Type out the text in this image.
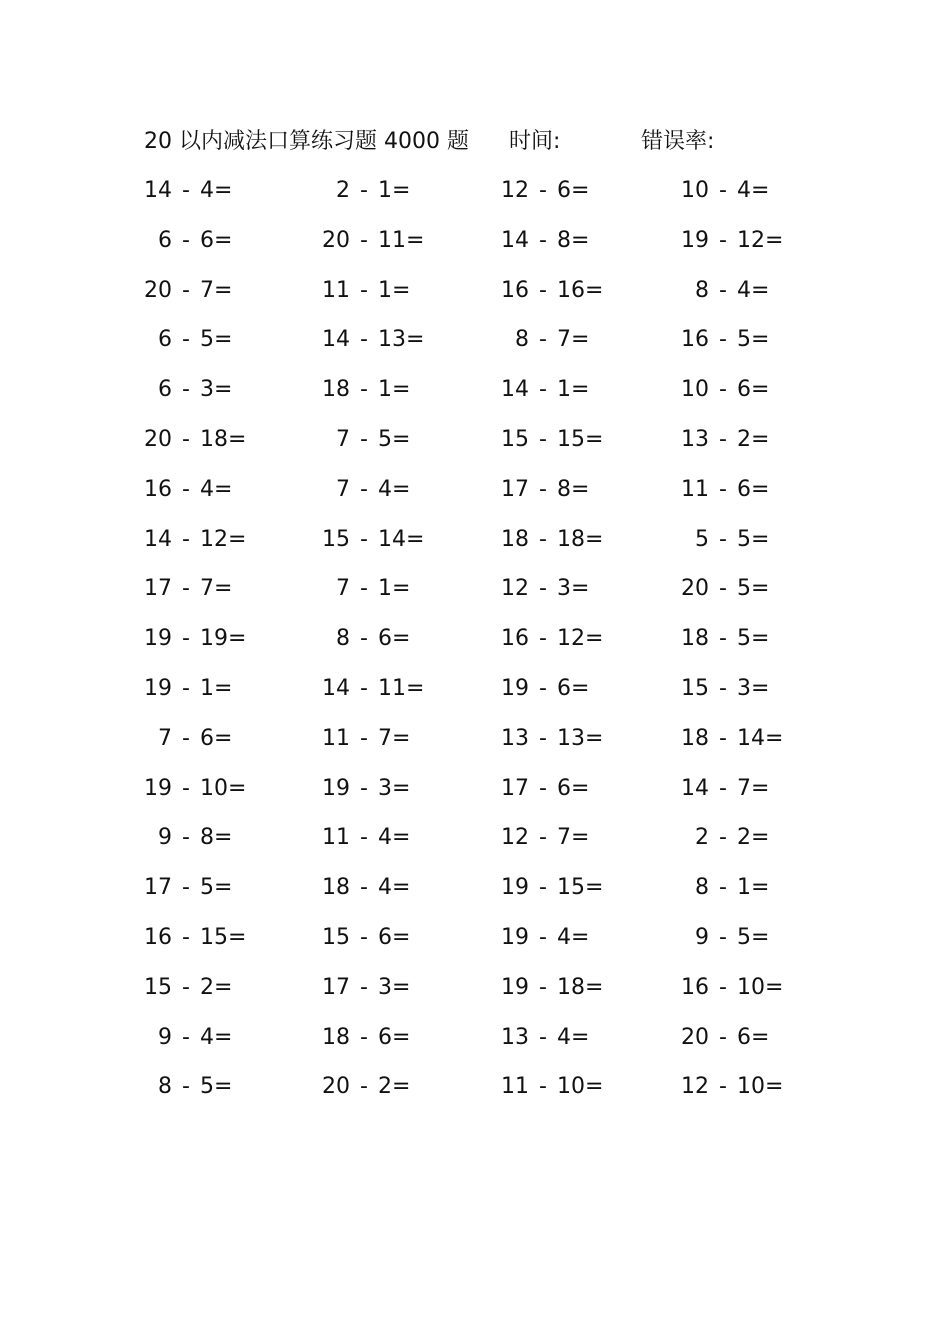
20 以内减法口算练习题 4000 题 时间:	错误率:
14 - 4=	2 - 1=	12 - 6=	10 - 4=
6 - 6=	20 - 11=	14 - 8=	19 - 12=
20 - 7=	11 - 1=	16 - 16=	8 - 4=
6 - 5=	14 - 13=	8 - 7=	16 - 5=
6 - 3=	18 - 1=	14 - 1=	10 - 6=
20 - 18=	7 - 5=	15 - 15=	13 - 2=
16 - 4=	7 - 4=	17 - 8=	11 - 6=
14 - 12=	15 - 14=	18 - 18=	5 - 5=
17 - 7=	7 - 1=	12 - 3=	20 - 5=
19 - 19=	8 - 6=	16 - 12=	18 - 5=
19 - 1=	14 - 11=	19 - 6=	15 - 3=
7 - 6=	11 - 7=	13 - 13=	18 - 14=
19 - 10=	19 - 3=	17 - 6=	14 - 7=
9 - 8=	11 - 4=	12 - 7=	2 - 2=
17 - 5=	18 - 4=	19 - 15=	8 - 1=
16 - 15=	15 - 6=	19 - 4=	9 - 5=
15 - 2=	17 - 3=	19 - 18=	16 - 10=
9 - 4=	18 - 6=	13 - 4=	20 - 6=
8 - 5=	20 - 2=	11 - 10=	12 - 10=
